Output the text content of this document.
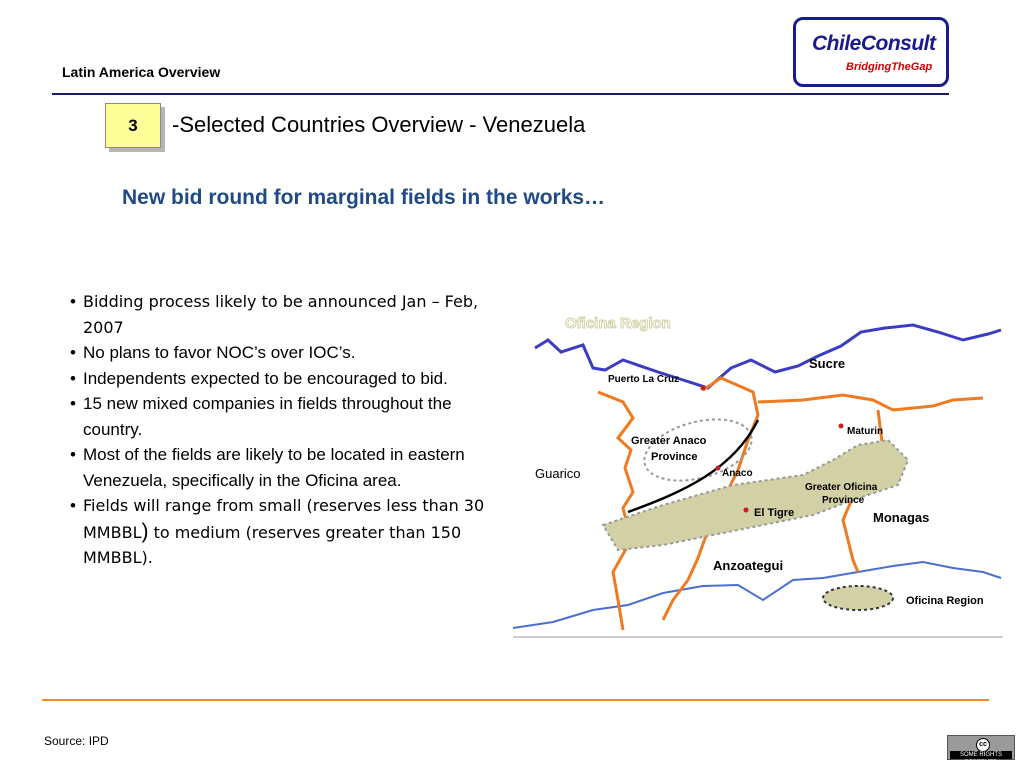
Latin America Overview
ChileConsult
BridgingTheGap
3	-Selected Countries Overview - Venezuela
New bid round for marginal fields in the works…
• Bidding process likely to be announced Jan – Feb, 2007
• No plans to favor NOC’s over IOC’s.
• Independents expected to be encouraged to bid.
• 15 new mixed companies in fields throughout the country.
• Most of the fields are likely to be located in eastern Venezuela, specifically in the Oficina area.
• Fields will range from small (reserves less than 30 MMBBL) to medium (reserves greater than 150 MMBBL).
Oficina Region
Sucre
Puerto La Cruz
Maturin
Greater Anaco
Province
Anaco
Guarico
Greater Oficina
Province
El Tigre	Monagas
Anzoategui
Oficina Region
Source: IPD	cc
SOME RIGHTS RESERVED
